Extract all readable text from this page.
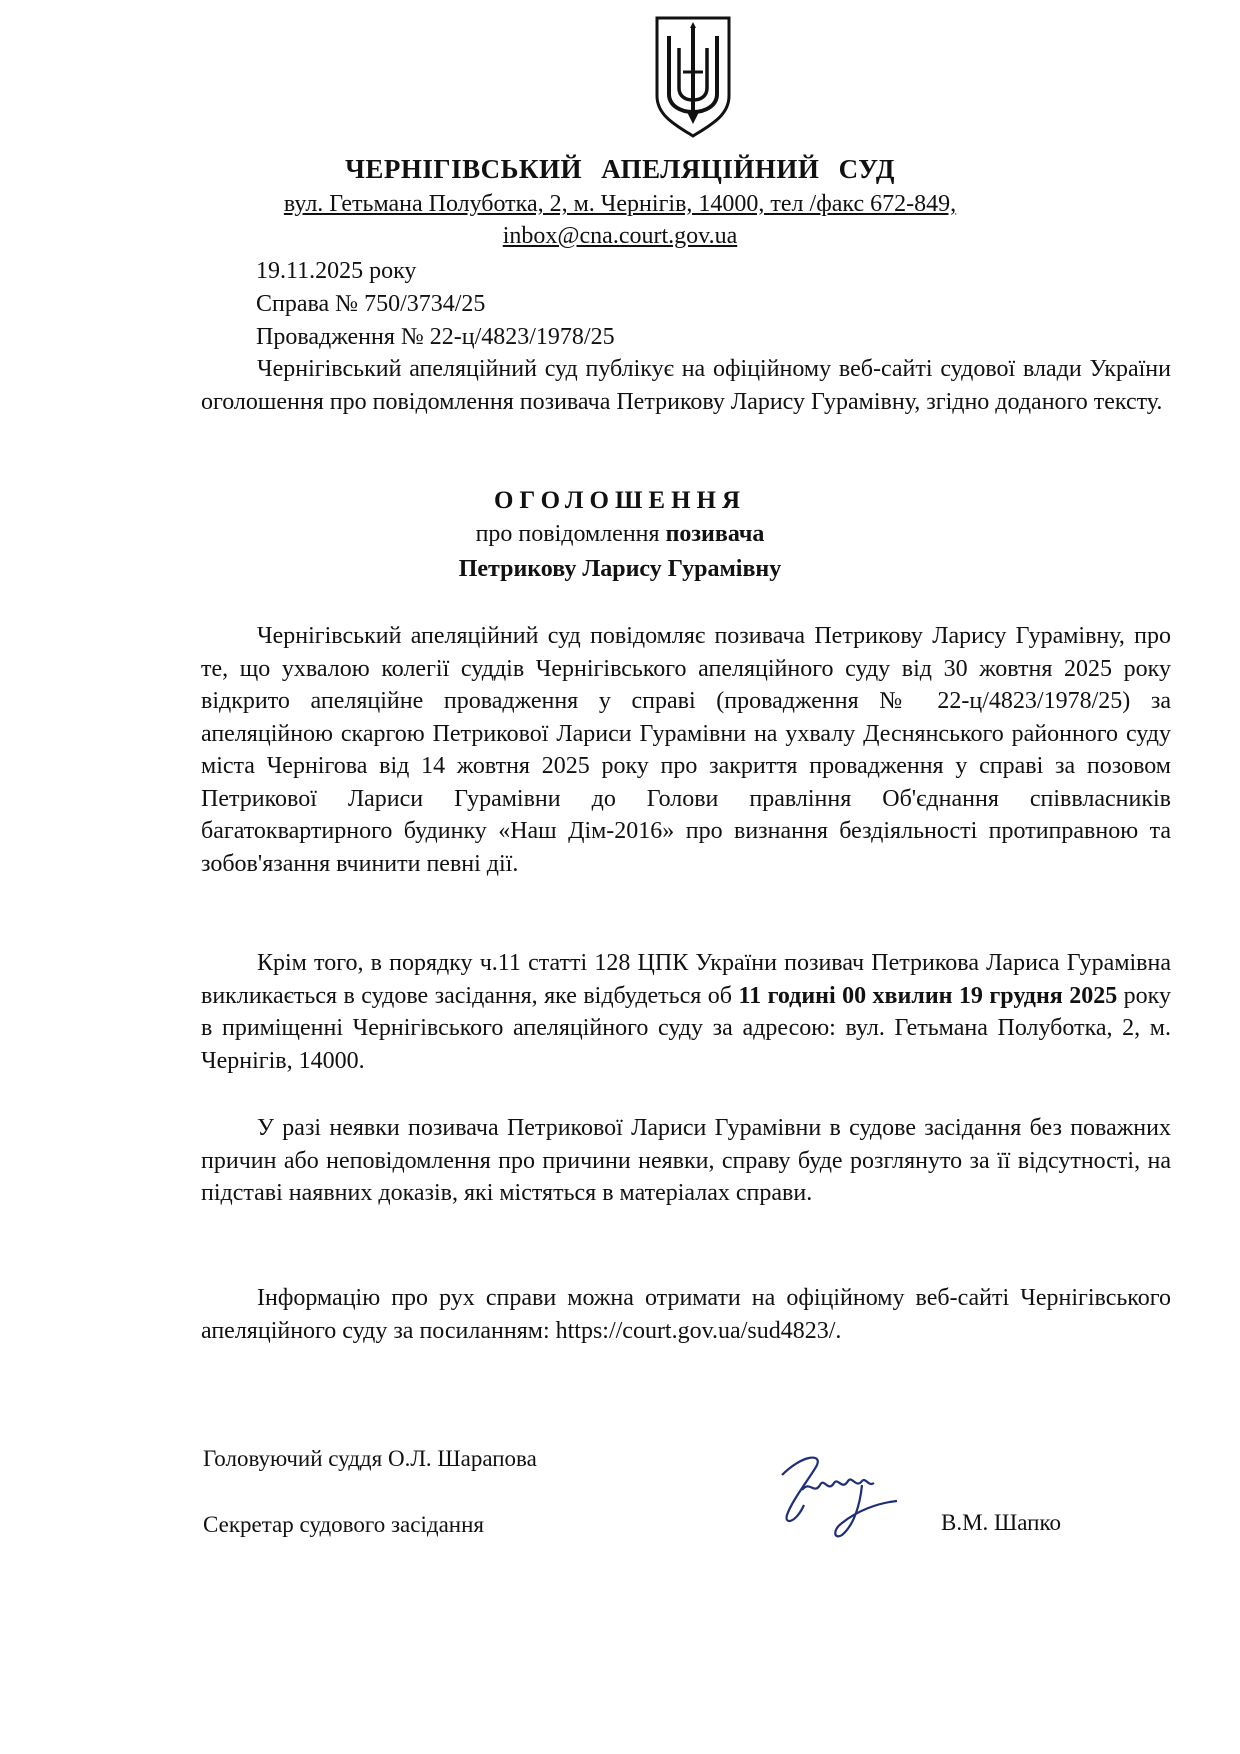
ЧЕРНІГІВСЬКИЙ АПЕЛЯЦІЙНИЙ СУД
вул. Гетьмана Полуботка, 2, м. Чернігів, 14000, тел /факс 672-849,
inbox@cna.court.gov.ua
19.11.2025 року
Справа № 750/3734/25
Провадження № 22-ц/4823/1978/25

Чернігівський апеляційний суд публікує на офіційному веб-сайті судової влади України оголошення про повідомлення позивача Петрикову Ларису Гурамівну, згідно доданого тексту.

ОГОЛОШЕННЯ
про повідомлення позивача
Петрикову Ларису Гурамівну

Чернігівський апеляційний суд повідомляє позивача Петрикову Ларису Гурамівну, про те, що ухвалою колегії суддів Чернігівського апеляційного суду від 30 жовтня 2025 року відкрито апеляційне провадження у справі (провадження № 22-ц/4823/1978/25) за апеляційною скаргою Петрикової Лариси Гурамівни на ухвалу Деснянського районного суду міста Чернігова від 14 жовтня 2025 року про закриття провадження у справі за позовом Петрикової Лариси Гурамівни до Голови правління Об'єднання співвласників багатоквартирного будинку «Наш Дім-2016» про визнання бездіяльності протиправною та зобов'язання вчинити певні дії.

Крім того, в порядку ч.11 статті 128 ЦПК України позивач Петрикова Лариса Гурамівна викликається в судове засідання, яке відбудеться об 11 годині 00 хвилин 19 грудня 2025 року в приміщенні Чернігівського апеляційного суду за адресою: вул. Гетьмана Полуботка, 2, м. Чернігів, 14000.

У разі неявки позивача Петрикової Лариси Гурамівни в судове засідання без поважних причин або неповідомлення про причини неявки, справу буде розглянуто за її відсутності, на підставі наявних доказів, які містяться в матеріалах справи.

Інформацію про рух справи можна отримати на офіційному веб-сайті Чернігівського апеляційного суду за посиланням: https://court.gov.ua/sud4823/.

Головуючий суддя О.Л. Шарапова
Секретар судового засідання	В.М. Шапко
